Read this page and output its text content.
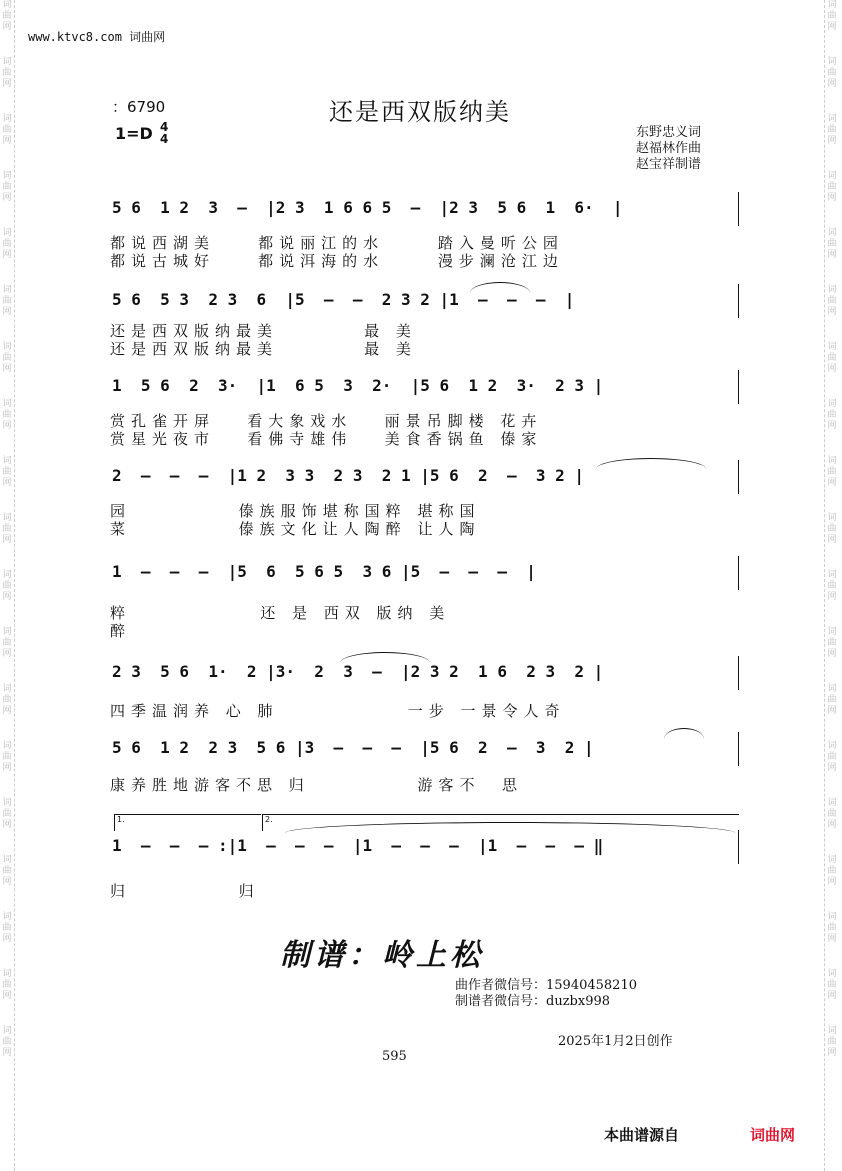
词
曲
网
词
曲
网
词
曲
网
词
曲
网
词
曲
网
词
曲
网
词
曲
网
词
曲
网
词
曲
网
词
曲
网
词
曲
网
词
曲
网
词
曲
网
词
曲
网
词
曲
网
词
曲
网
词
曲
网
词
曲
网
词
曲
网
词
曲
网
词
曲
网
词
曲
网
词
曲
网
词
曲
网
词
曲
网
词
曲
网
词
曲
网
词
曲
网
词
曲
网
词
曲
网
词
曲
网
词
曲
网
词
曲
网
词
曲
网
词
曲
网
词
曲
网
词
曲
网
词
曲
网
www.ktvc8.com 词曲网
：6790	还是西双版纳美
1=D 4
4	东野忠义词
赵福林作曲
赵宝祥制谱
5 6  1 2  3  –  |2 3  1 6 6 5  –  |2 3  5 6  1  6·  |
都说西湖美    都说丽江的水     踏入曼听公园
都说古城好    都说洱海的水     漫步澜沧江边
5 6  5 3  2 3  6  |5  –  –  2 3 2 |1  –  –  –  |
还是西双版纳最美        最 美
还是西双版纳最美        最 美
1  5 6  2  3·  |1  6 5  3  2·  |5 6  1 2  3·  2 3 |
赏孔雀开屏   看大象戏水   丽景吊脚楼 花卉
赏星光夜市   看佛寺雄伟   美食香锅鱼 傣家
2  –  –  –  |1 2  3 3  2 3  2 1 |5 6  2  –  3 2 |
园          傣族服饰堪称国粹 堪称国
菜          傣族文化让人陶醉 让人陶
1  –  –  –  |5  6  5 6 5  3 6 |5  –  –  –  |
粹            还 是 西双 版纳 美
醉
2 3  5 6  1·  2 |3·  2  3  –  |2 3 2  1 6  2 3  2 |
四季温润养 心 肺            一步 一景令人奇
5 6  1 2  2 3  5 6 |3  –  –  –  |5 6  2  –  3  2 |
康养胜地游客不思 归          游客不  思
1  –  –  – :|1  –  –  –  |1  –  –  –  |1  –  –  – ‖
归          归
1.	2.
制谱：岭上松
曲作者微信号：15940458210
制谱者微信号：duzbx998
2025年1月2日创作
595
本曲谱源自	词曲网
